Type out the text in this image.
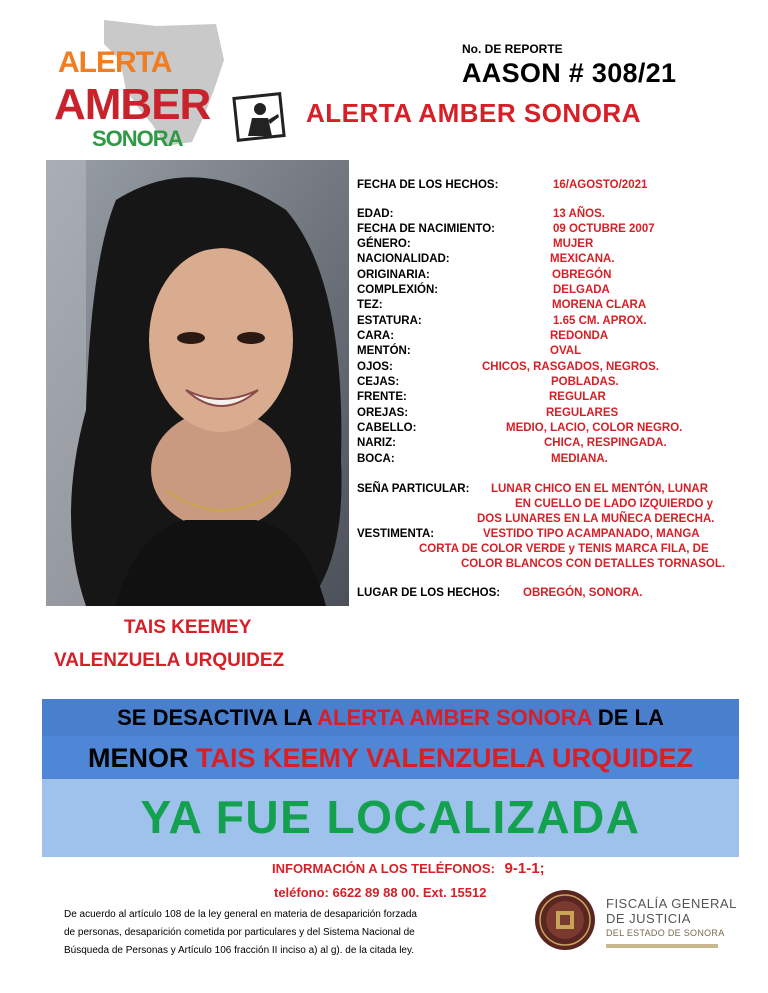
ALERTA
AMBER
SONORA
No. DE REPORTE
AASON # 308/21
ALERTA AMBER SONORA
FECHA DE LOS HECHOS:	16/AGOSTO/2021
EDAD:	13 AÑOS.
FECHA DE NACIMIENTO:	09 OCTUBRE 2007
GÉNERO:	MUJER
NACIONALIDAD:	MEXICANA.
ORIGINARIA:	OBREGÓN
COMPLEXIÓN:	DELGADA
TEZ:	MORENA CLARA
ESTATURA:	1.65 CM. APROX.
CARA:	REDONDA
MENTÓN:	OVAL
OJOS:	CHICOS, RASGADOS, NEGROS.
CEJAS:	POBLADAS.
FRENTE:	REGULAR
OREJAS:	REGULARES
CABELLO:	MEDIO, LACIO, COLOR NEGRO.
NARIZ:	CHICA, RESPINGADA.
BOCA:	MEDIANA.
SEÑA PARTICULAR: LUNAR CHICO EN EL MENTÓN, LUNAR
EN CUELLO DE LADO IZQUIERDO y
DOS LUNARES EN LA MUÑECA DERECHA.
VESTIMENTA:	VESTIDO TIPO ACAMPANADO, MANGA
CORTA DE COLOR VERDE y TENIS MARCA FILA, DE
COLOR BLANCOS CON DETALLES TORNASOL.
LUGAR DE LOS HECHOS: OBREGÓN, SONORA.
TAIS KEEMEY
VALENZUELA URQUIDEZ
SE DESACTIVA LA ALERTA AMBER SONORA DE LA
MENOR TAIS KEEMY VALENZUELA URQUIDEZ
YA FUE LOCALIZADA
INFORMACIÓN A LOS TELÉFONOS: 9-1-1;
teléfono: 6622 89 88 00. Ext. 15512
De acuerdo al artículo 108 de la ley general en materia de desaparición forzada
de personas, desaparición cometida por particulares y del Sistema Nacional de
Búsqueda de Personas y Artículo 106 fracción II inciso a) al g). de la citada ley.
FISCALÍA GENERAL
DE JUSTICIA
DEL ESTADO DE SONORA
